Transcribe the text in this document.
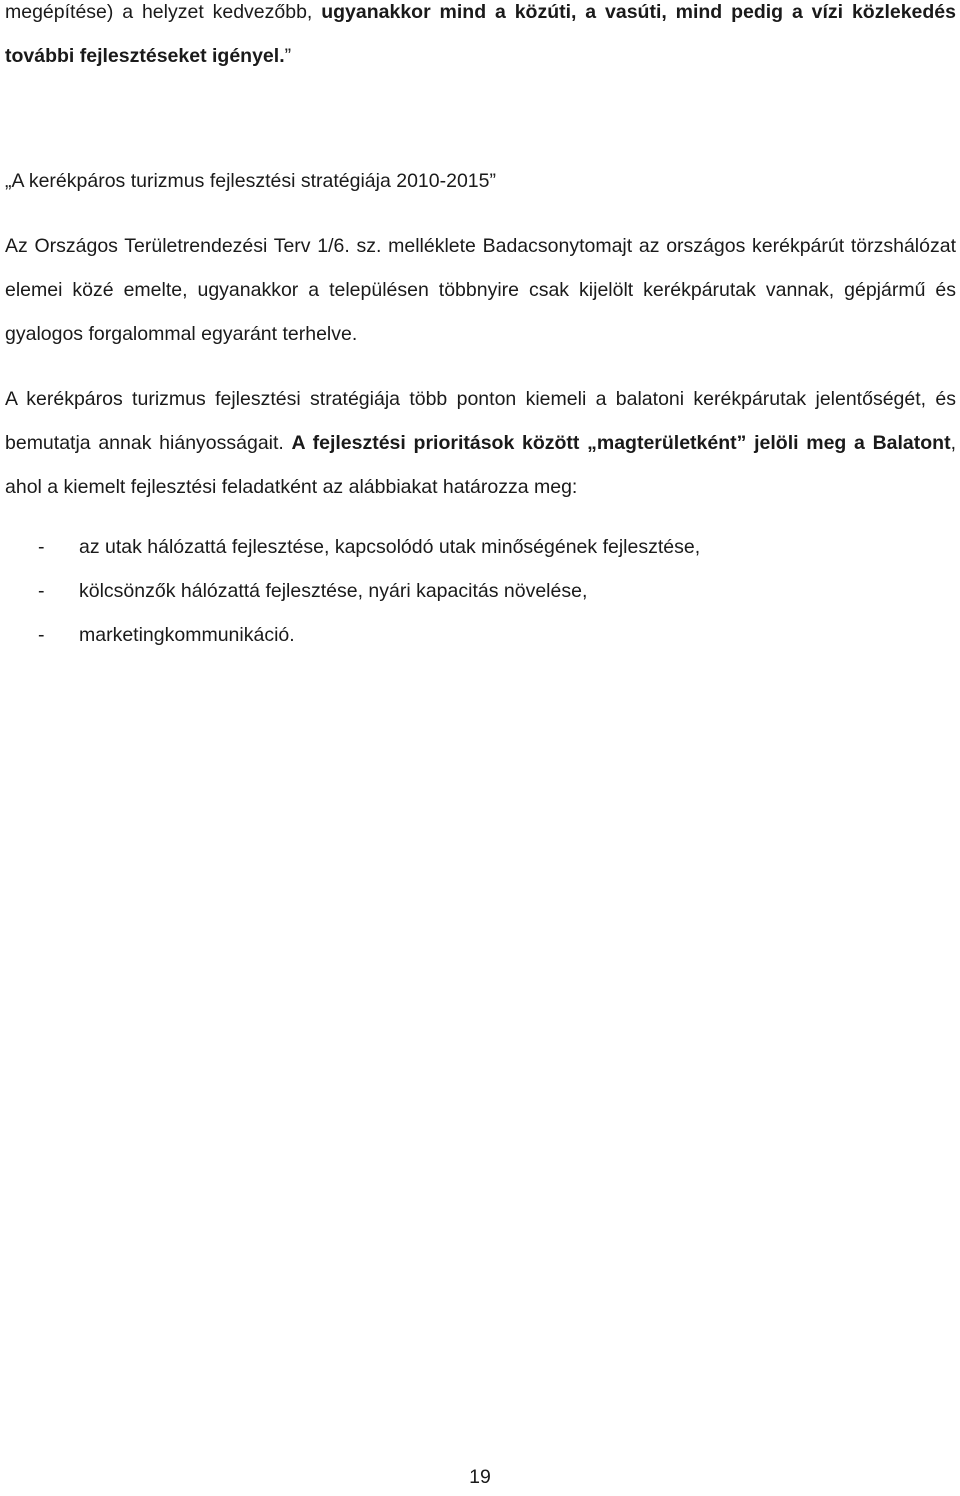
megépítése) a helyzet kedvezőbb, ugyanakkor mind a közúti, a vasúti, mind pedig a vízi közlekedés további fejlesztéseket igényel.”

„A kerékpáros turizmus fejlesztési stratégiája 2010-2015”

Az Országos Területrendezési Terv 1/6. sz. melléklete Badacsonytomajt az országos kerékpárút törzshálózat elemei közé emelte, ugyanakkor a településen többnyire csak kijelölt kerékpárutak vannak, gépjármű és gyalogos forgalommal egyaránt terhelve.

A kerékpáros turizmus fejlesztési stratégiája több ponton kiemeli a balatoni kerékpárutak jelentőségét, és bemutatja annak hiányosságait. A fejlesztési prioritások között „magterületként” jelöli meg a Balatont, ahol a kiemelt fejlesztési feladatként az alábbiakat határozza meg:

- az utak hálózattá fejlesztése, kapcsolódó utak minőségének fejlesztése,
- kölcsönzők hálózattá fejlesztése, nyári kapacitás növelése,
- marketingkommunikáció.
19
